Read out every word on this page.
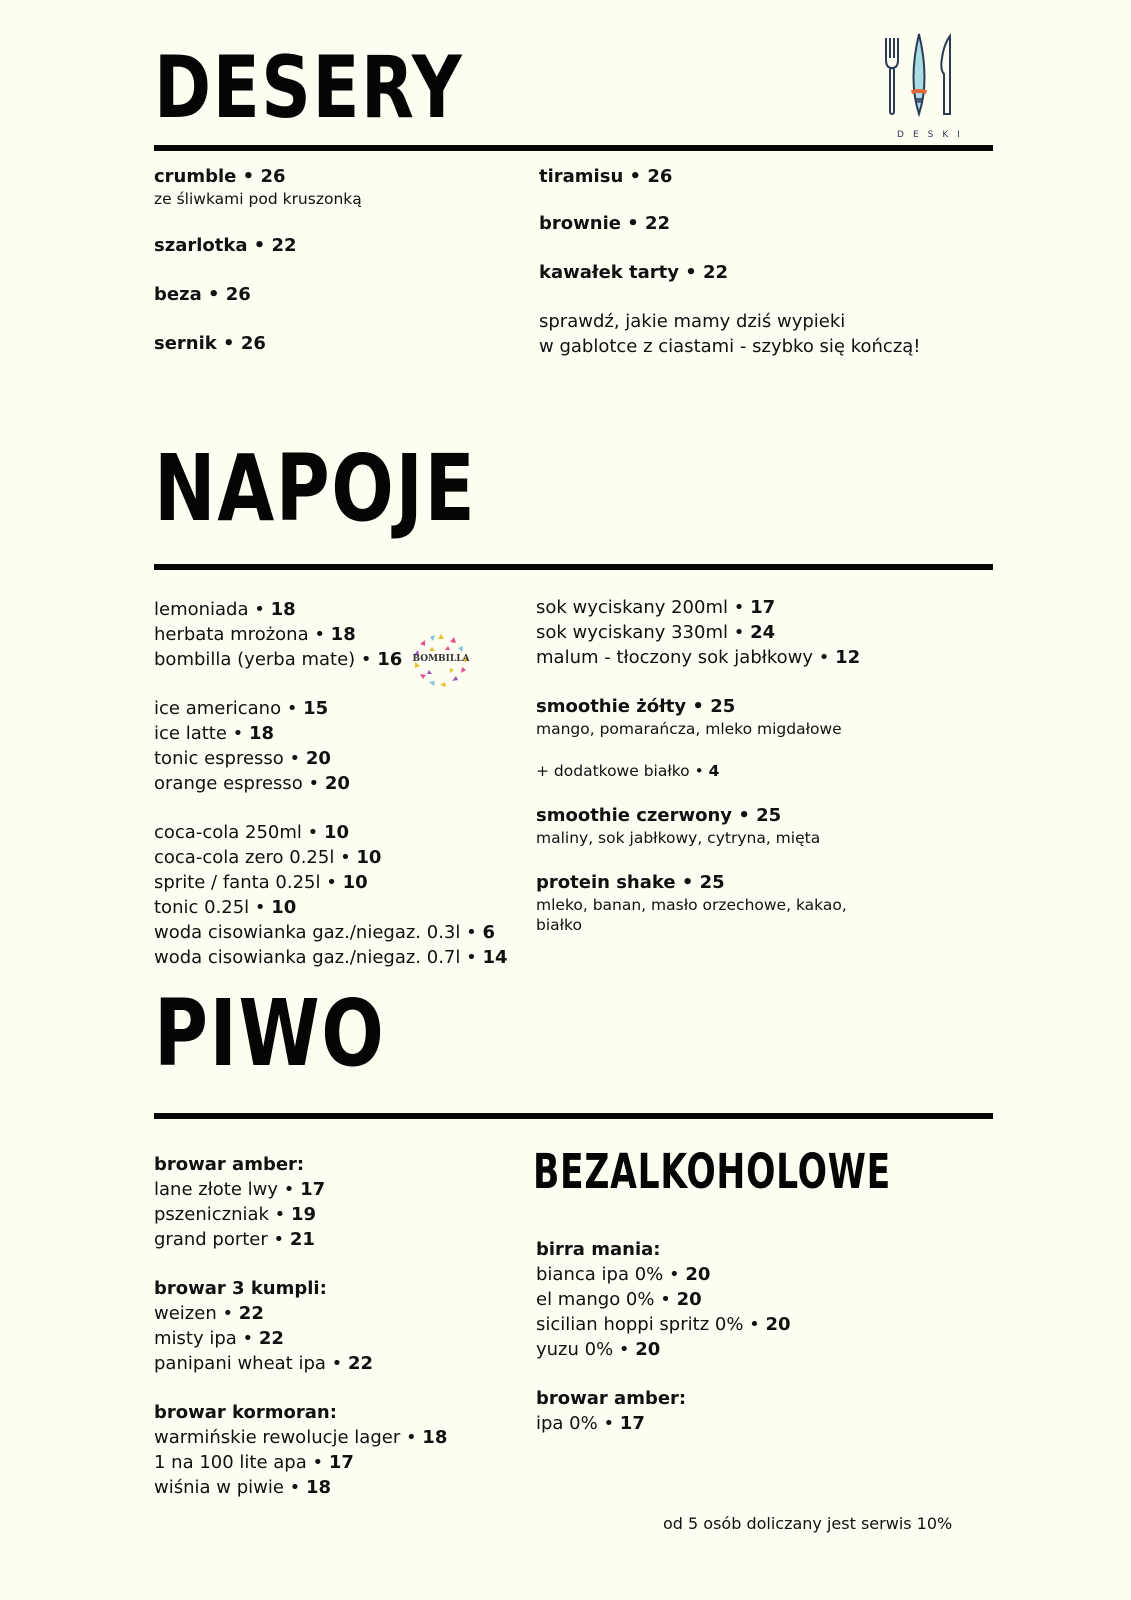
DESERY	DESKI
crumble • 26
ze śliwkami pod kruszonką
szarlotka • 22
beza • 26
sernik • 26
tiramisu • 26
brownie • 22
kawałek tarty • 22
sprawdź, jakie mamy dziś wypieki
w gablotce z ciastami - szybko się kończą!
NAPOJE
lemoniada • 18
herbata mrożona • 18
bombilla (yerba mate) • 16
ice americano • 15
ice latte • 18
tonic espresso • 20
orange espresso • 20
coca-cola 250ml • 10
coca-cola zero 0.25l • 10
sprite / fanta 0.25l • 10
tonic 0.25l • 10
woda cisowianka gaz./niegaz. 0.3l • 6
woda cisowianka gaz./niegaz. 0.7l • 14
BOMBILLA
sok wyciskany 200ml • 17
sok wyciskany 330ml • 24
malum - tłoczony sok jabłkowy • 12
smoothie żółty • 25
mango, pomarańcza, mleko migdałowe
+ dodatkowe białko • 4
smoothie czerwony • 25
maliny, sok jabłkowy, cytryna, mięta
protein shake • 25
mleko, banan, masło orzechowe, kakao,
białko
PIWO
browar amber:
lane złote lwy • 17
pszeniczniak • 19
grand porter • 21
browar 3 kumpli:
weizen • 22
misty ipa • 22
panipani wheat ipa • 22
browar kormoran:
warmińskie rewolucje lager • 18
1 na 100 lite apa • 17
wiśnia w piwie • 18
BEZALKOHOLOWE
birra mania:
bianca ipa 0% • 20
el mango 0% • 20
sicilian hoppi spritz 0% • 20
yuzu 0% • 20
browar amber:
ipa 0% • 17
od 5 osób doliczany jest serwis 10%
